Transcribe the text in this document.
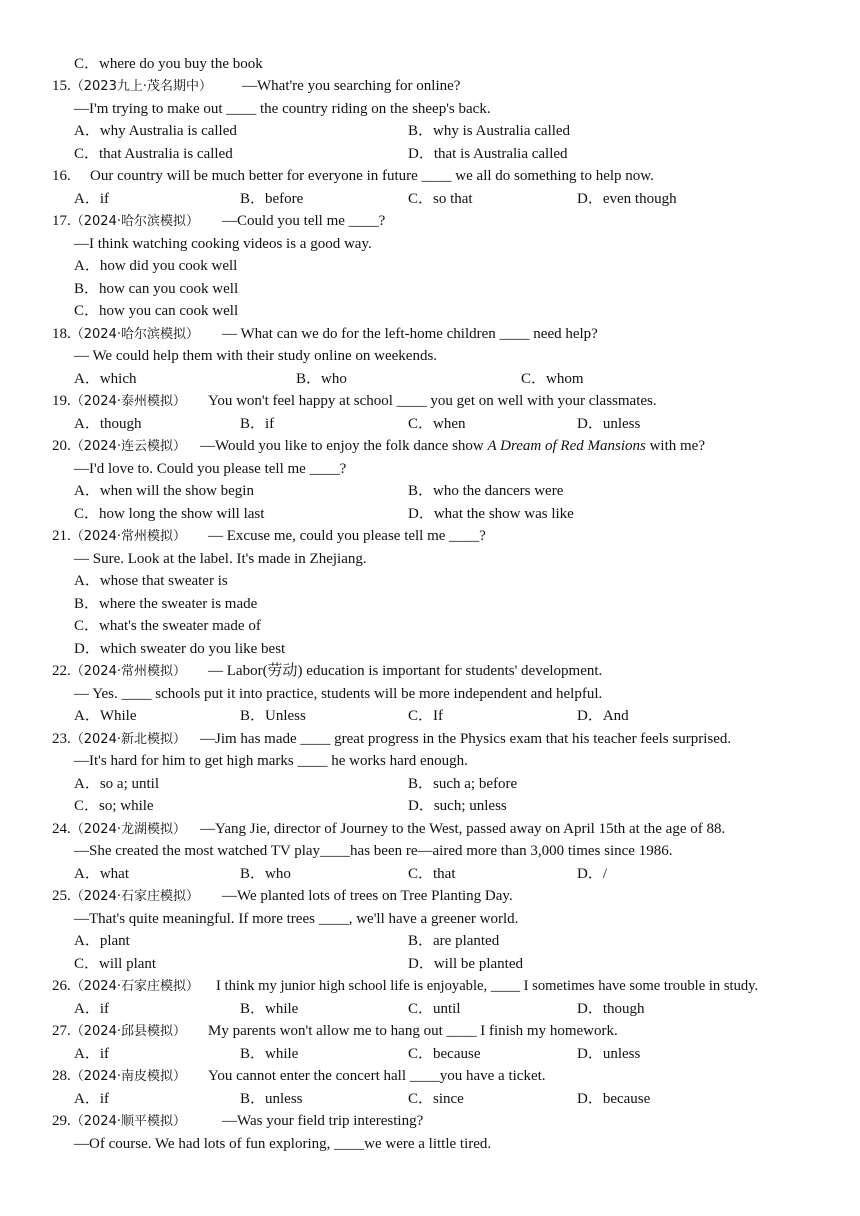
C．where do you buy the book
15.（2023九上·茂名期中） —What're you searching for online?
—I'm trying to make out ____ the country riding on the sheep's back.
A．why Australia is called	B．why is Australia called
C．that Australia is called	D．that is Australia called
16. Our country will be much better for everyone in future ____ we all do something to help now.
A．if	B．before	C．so that	D．even though
17.（2024·哈尔滨模拟） —Could you tell me ____?
—I think watching cooking videos is a good way.
A．how did you cook well
B．how can you cook well
C．how you can cook well
18.（2024·哈尔滨模拟） — What can we do for the left-home children ____ need help?
— We could help them with their study online on weekends.
A．which	B．who	C．whom
19.（2024·泰州模拟） You won't feel happy at school ____ you get on well with your classmates.
A．though	B．if	C．when	D．unless
20.（2024·连云模拟） —Would you like to enjoy the folk dance show A Dream of Red Mansions with me?
—I'd love to. Could you please tell me ____?
A．when will the show begin	B．who the dancers were
C．how long the show will last	D．what the show was like
21.（2024·常州模拟） — Excuse me, could you please tell me ____?
— Sure. Look at the label. It's made in Zhejiang.
A．whose that sweater is
B．where the sweater is made
C．what's the sweater made of
D．which sweater do you like best
22.（2024·常州模拟） — Labor(劳动) education is important for students' development.
— Yes. ____ schools put it into practice, students will be more independent and helpful.
A．While	B．Unless	C．If	D．And
23.（2024·新北模拟） —Jim has made ____ great progress in the Physics exam that his teacher feels surprised.
—It's hard for him to get high marks ____ he works hard enough.
A．so a; until	B．such a; before
C．so; while	D．such; unless
24.（2024·龙湖模拟） —Yang Jie, director of Journey to the West, passed away on April 15th at the age of 88.
—She created the most watched TV play____has been re—aired more than 3,000 times since 1986.
A．what	B．who	C．that	D．/
25.（2024·石家庄模拟） —We planted lots of trees on Tree Planting Day.
—That's quite meaningful. If more trees ____, we'll have a greener world.
A．plant	B．are planted
C．will plant	D．will be planted
26.（2024·石家庄模拟） I think my junior high school life is enjoyable, ____ I sometimes have some trouble in study.
A．if	B．while	C．until	D．though
27.（2024·邱县模拟） My parents won't allow me to hang out ____ I finish my homework.
A．if	B．while	C．because	D．unless
28.（2024·南皮模拟） You cannot enter the concert hall ____you have a ticket.
A．if	B．unless	C．since	D．because
29.（2024·顺平模拟） —Was your field trip interesting?
—Of course. We had lots of fun exploring, ____we were a little tired.
